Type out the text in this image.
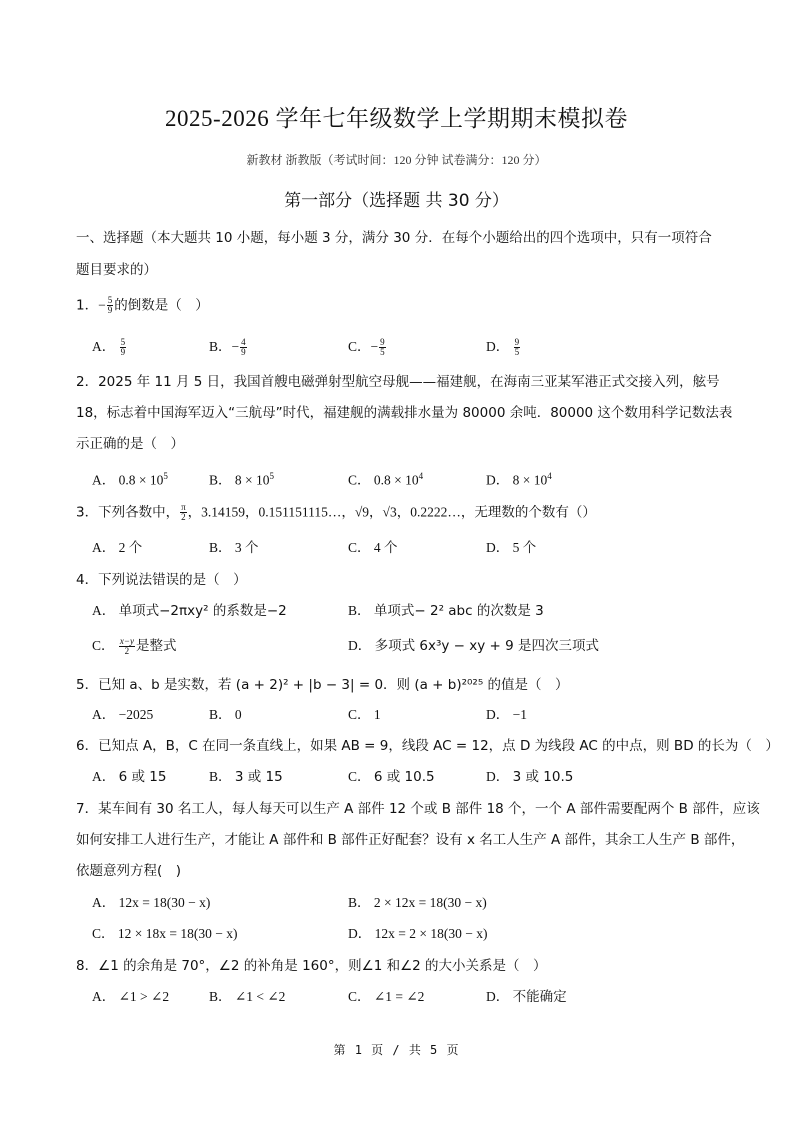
2025-2026 学年七年级数学上学期期末模拟卷
新教材 浙教版（考试时间：120 分钟 试卷满分：120 分）
第一部分（选择题 共 30 分）
一、选择题（本大题共 10 小题，每小题 3 分，满分 30 分．在每个小题给出的四个选项中，只有一项符合
题目要求的）
1．− $\frac{5}{9}$ 的倒数是（　）
A． $\frac{5}{9}$	B．− $\frac{4}{9}$	C．− $\frac{9}{5}$	D． $\frac{9}{5}$
2．2025 年 11 月 5 日，我国首艘电磁弹射型航空母舰——福建舰，在海南三亚某军港正式交接入列，舷号
18，标志着中国海军迈入“三航母”时代，福建舰的满载排水量为 80000 余吨．80000 这个数用科学记数法表
示正确的是（　）
A． $0.8 \times 10^5$	B． $8 \times 10^5$	C． $0.8 \times 10^4$	D． $8 \times 10^4$
3．下列各数中， $\frac{\pi}{2}$ ，3.14159，0.151151115…，√9，√3，0.2222…，无理数的个数有（）
A． 2 个	B． 3 个	C． 4 个	D． 5 个
4．下列说法错误的是（　）
A． 单项式−2πxy² 的系数是−2	B． 单项式− 2² abc 的次数是 3
C． $\frac{x-y}{2}$ 是整式	D． 多项式 6x³y − xy + 9 是四次三项式
5．已知 a、b 是实数，若 (a + 2)² + |b − 3| = 0．则 (a + b)²⁰²⁵ 的值是（　）
A． −2025	B． 0	C． 1	D． −1
6．已知点 A，B，C 在同一条直线上，如果 AB = 9，线段 AC = 12，点 D 为线段 AC 的中点，则 BD 的长为（　）
A． 6 或 15	B． 3 或 15	C． 6 或 10.5	D． 3 或 10.5
7．某车间有 30 名工人，每人每天可以生产 A 部件 12 个或 B 部件 18 个，一个 A 部件需要配两个 B 部件，应该
如何安排工人进行生产，才能让 A 部件和 B 部件正好配套？设有 x 名工人生产 A 部件，其余工人生产 B 部件，
依题意列方程(　)
A． 12x = 18(30 − x)	B． 2 × 12x = 18(30 − x)
C． 12 × 18x = 18(30 − x)	D． 12x = 2 × 18(30 − x)
8．∠1 的余角是 70°，∠2 的补角是 160°，则∠1 和∠2 的大小关系是（　）
A． ∠1 > ∠2	B． ∠1 < ∠2	C． ∠1 = ∠2	D． 不能确定
第 1 页 / 共 5 页
